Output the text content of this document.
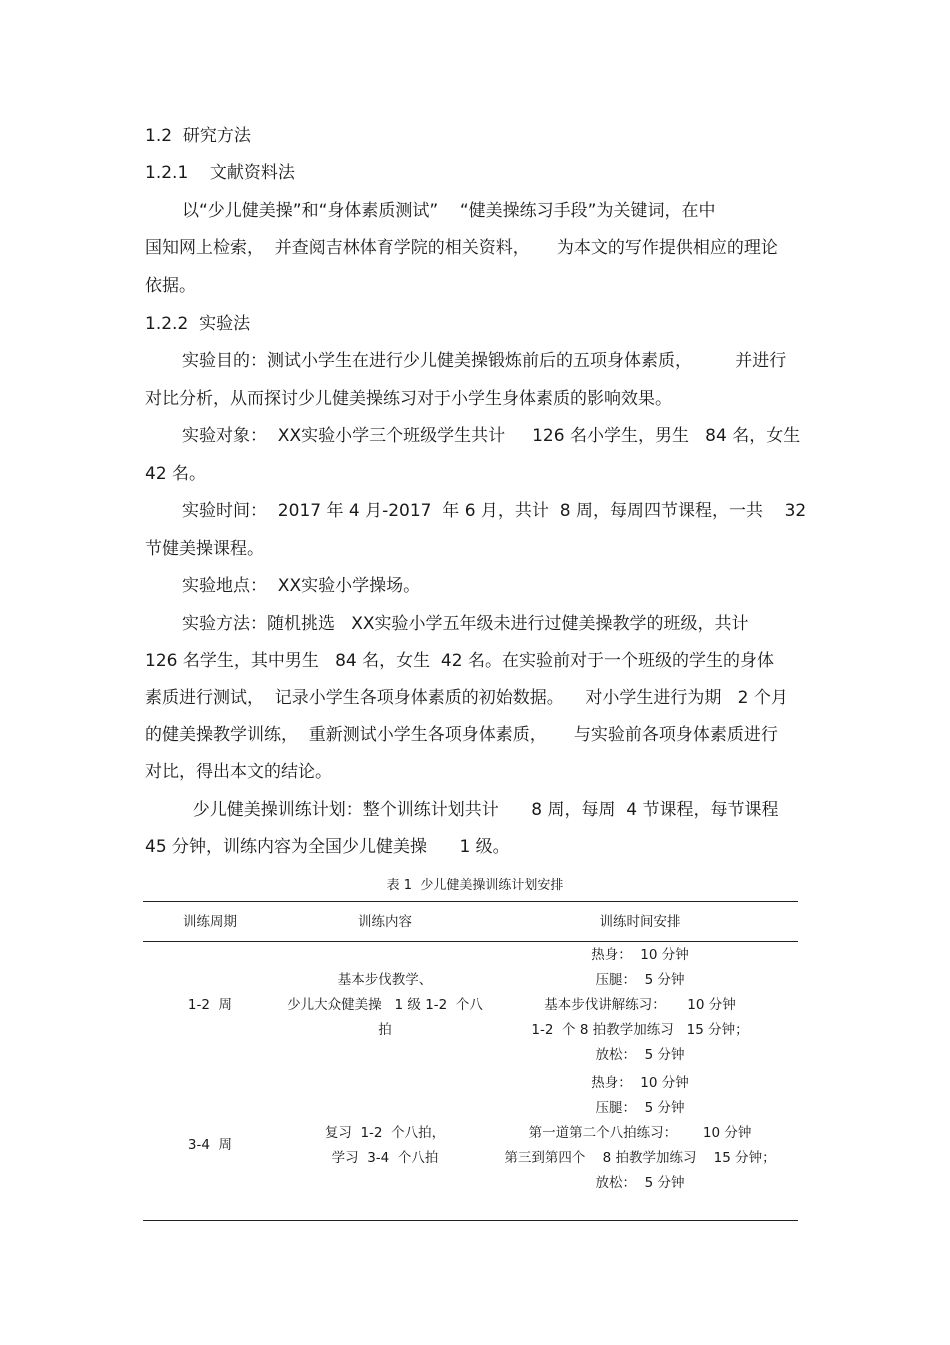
1.2  研究方法
1.2.1    文献资料法
以“少儿健美操”和“身体素质测试”    “健美操练习手段”为关键词，在中
国知网上检索，  并查阅吉林体育学院的相关资料，     为本文的写作提供相应的理论
依据。
1.2.2  实验法
实验目的：测试小学生在进行少儿健美操锻炼前后的五项身体素质，        并进行
对比分析，从而探讨少儿健美操练习对于小学生身体素质的影响效果。
实验对象：  XX实验小学三个班级学生共计     126 名小学生，男生   84 名，女生
42 名。
实验时间：  2017 年 4 月-2017  年 6 月，共计  8 周，每周四节课程，一共    32
节健美操课程。
实验地点：  XX实验小学操场。
实验方法：随机挑选   XX实验小学五年级未进行过健美操教学的班级，共计
126 名学生，其中男生   84 名，女生  42 名。在实验前对于一个班级的学生的身体
素质进行测试，  记录小学生各项身体素质的初始数据。    对小学生进行为期   2 个月
的健美操教学训练，  重新测试小学生各项身体素质，     与实验前各项身体素质进行
对比，得出本文的结论。
少儿健美操训练计划：整个训练计划共计      8 周，每周  4 节课程，每节课程
45 分钟，训练内容为全国少儿健美操      1 级。
表 1  少儿健美操训练计划安排
训练周期	训练内容	训练时间安排
1-2  周
基本步伐教学、
少儿大众健美操   1 级 1-2  个八
拍
热身：  10 分钟
压腿：  5 分钟
基本步伐讲解练习：     10 分钟
1-2  个 8 拍教学加练习   15 分钟；
放松：  5 分钟
3-4  周
复习  1-2  个八拍，
学习  3-4  个八拍
热身：  10 分钟
压腿：  5 分钟
第一道第二个八拍练习：      10 分钟
第三到第四个    8 拍教学加练习    15 分钟；
放松：  5 分钟
